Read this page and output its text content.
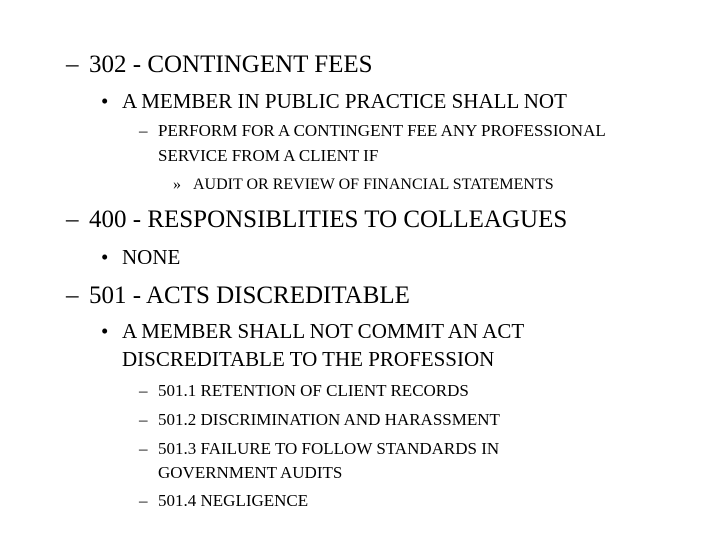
– 302 - CONTINGENT FEES
• A MEMBER IN PUBLIC PRACTICE SHALL NOT
– PERFORM FOR A CONTINGENT FEE ANY PROFESSIONAL
SERVICE FROM A CLIENT IF
» AUDIT OR REVIEW OF FINANCIAL STATEMENTS
– 400 - RESPONSIBLITIES TO COLLEAGUES
• NONE
– 501 - ACTS DISCREDITABLE
• A MEMBER SHALL NOT COMMIT AN ACT
DISCREDITABLE TO THE PROFESSION
– 501.1 RETENTION OF CLIENT RECORDS
– 501.2 DISCRIMINATION AND HARASSMENT
– 501.3 FAILURE TO FOLLOW STANDARDS IN
GOVERNMENT AUDITS
– 501.4 NEGLIGENCE
